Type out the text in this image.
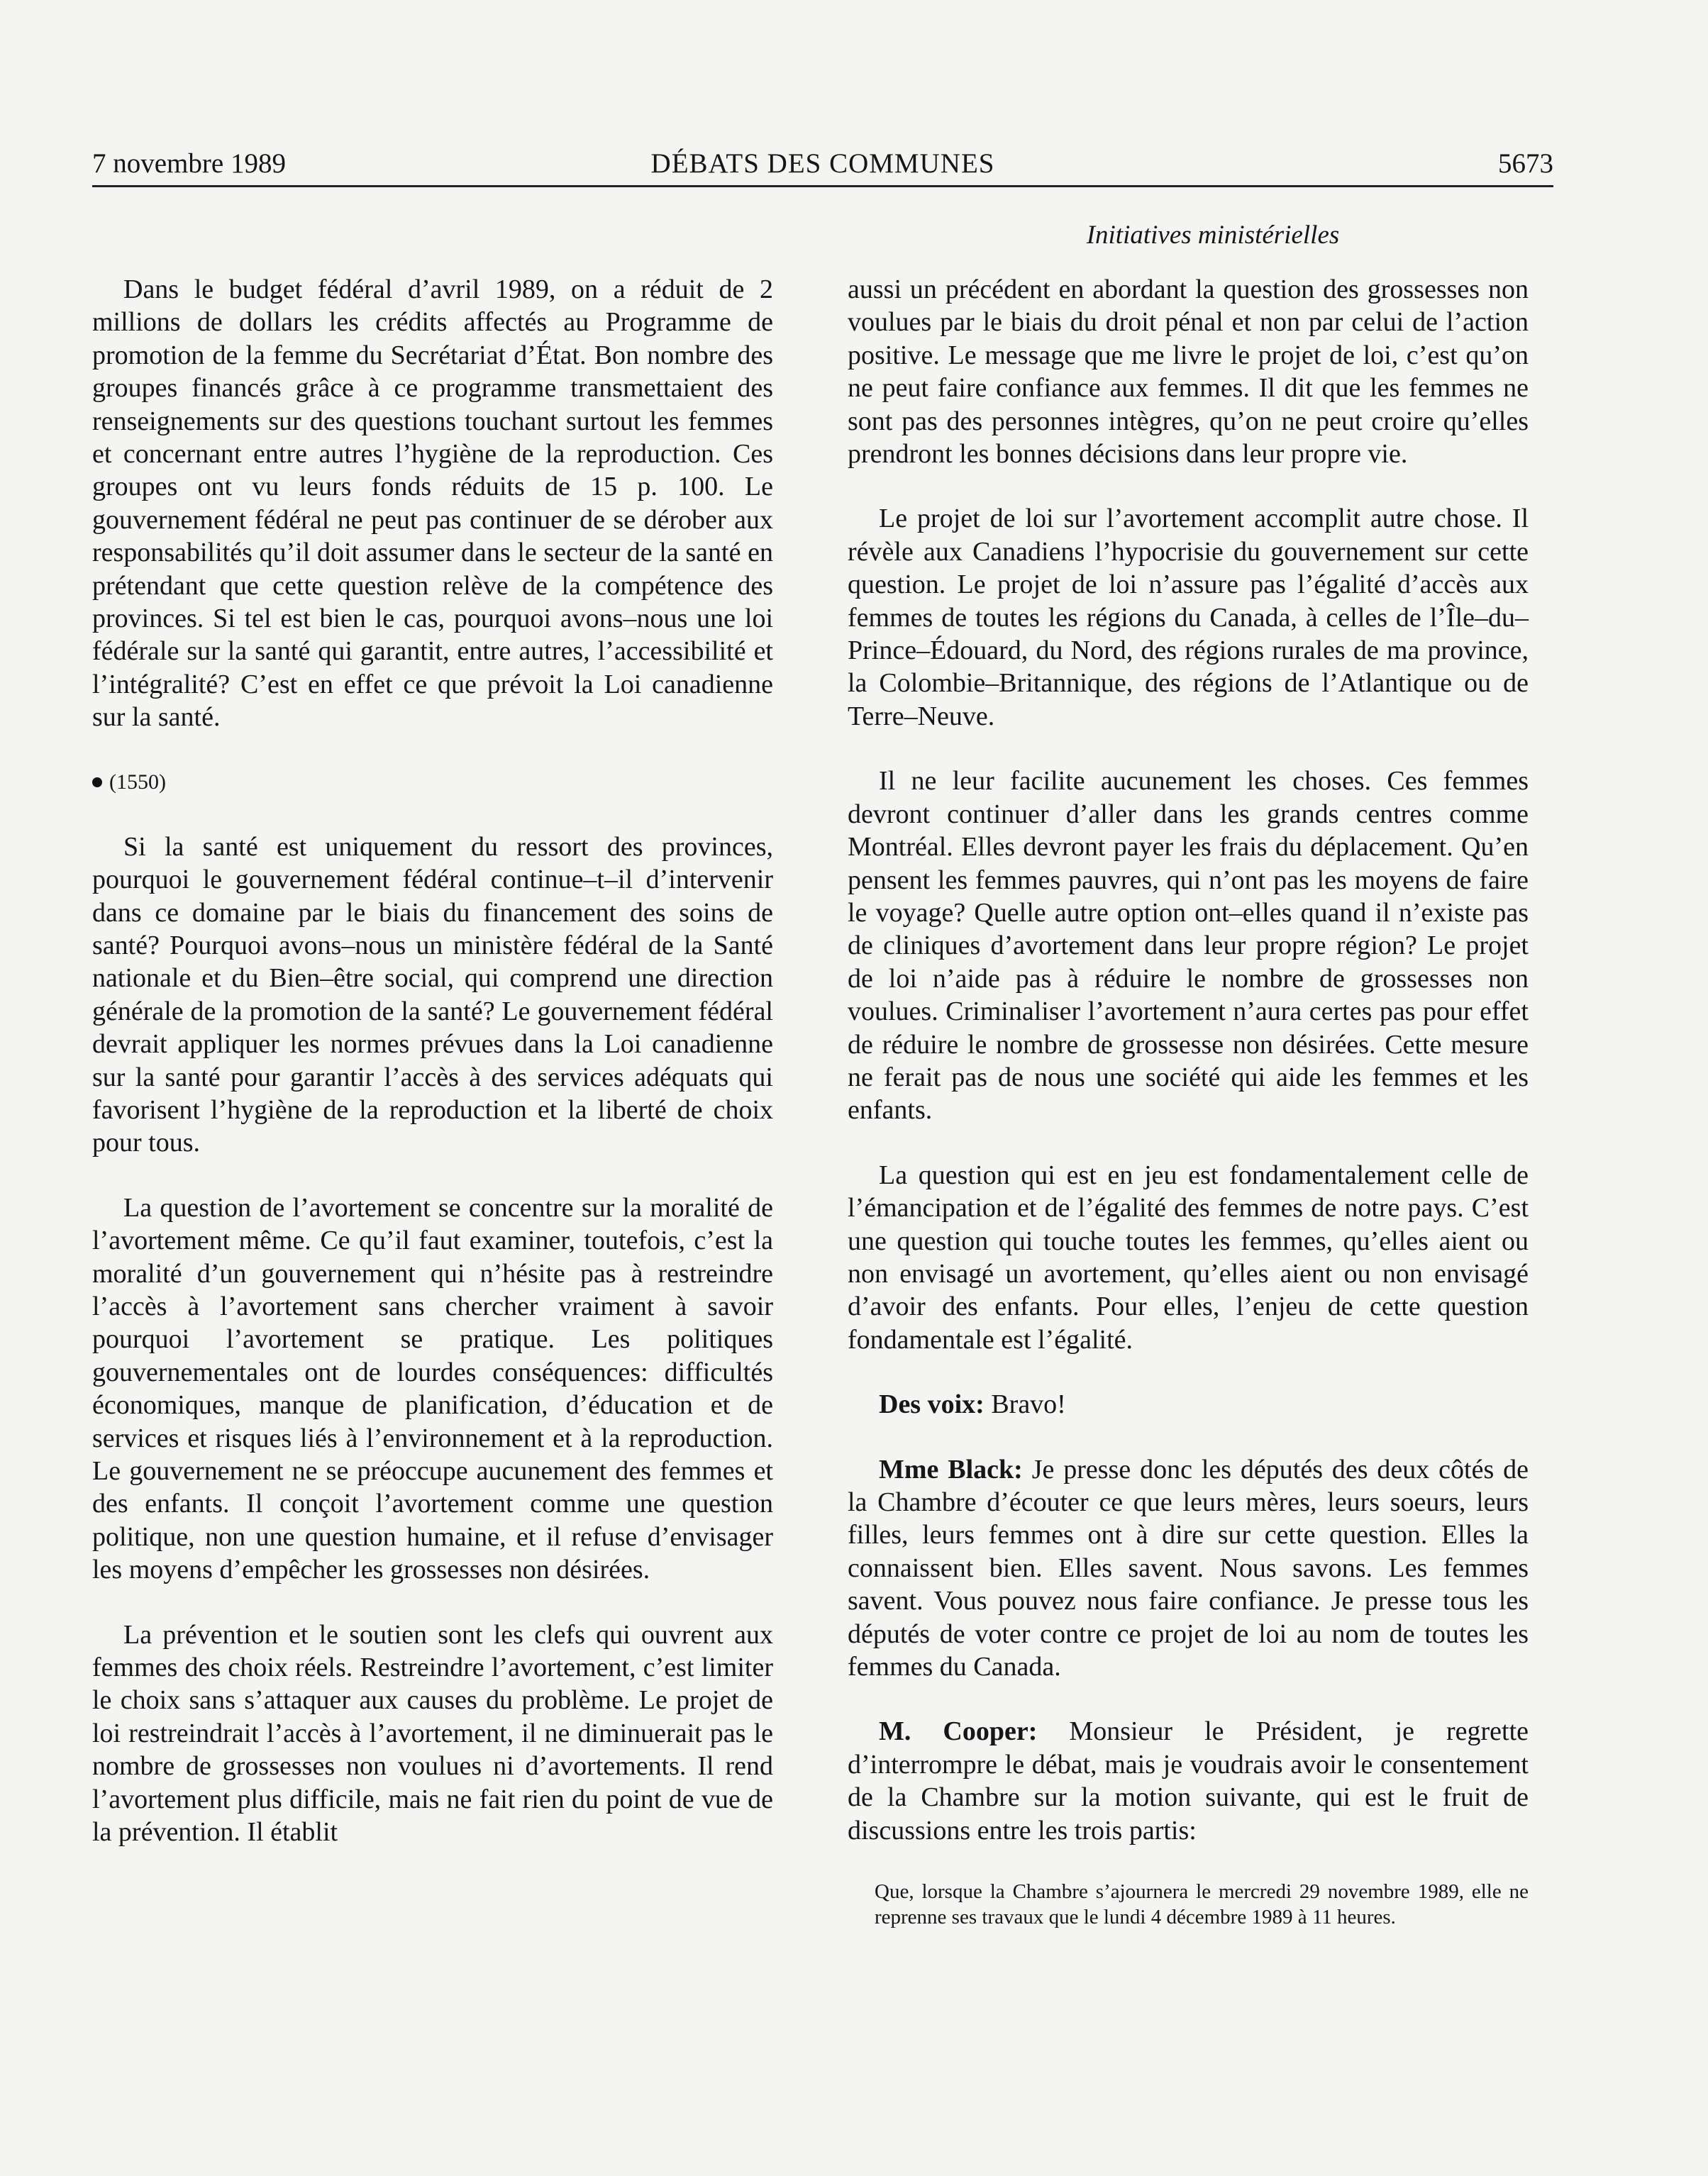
7 novembre 1989	DÉBATS DES COMMUNES	5673
Initiatives ministérielles

Dans le budget fédéral d’avril 1989, on a réduit de 2 millions de dollars les crédits affectés au Programme de promotion de la femme du Secrétariat d’État. Bon nombre des groupes financés grâce à ce programme transmettaient des renseignements sur des questions touchant surtout les femmes et concernant entre autres l’hygiène de la reproduction. Ces groupes ont vu leurs fonds réduits de 15 p. 100. Le gouvernement fédéral ne peut pas continuer de se dérober aux responsabilités qu’il doit assumer dans le secteur de la santé en prétendant que cette question relève de la compétence des provinces. Si tel est bien le cas, pourquoi avons–nous une loi fédérale sur la santé qui garantit, entre autres, l’accessibilité et l’intégralité? C’est en effet ce que prévoit la Loi canadienne sur la santé.

(1550)

Si la santé est uniquement du ressort des provinces, pourquoi le gouvernement fédéral continue–t–il d’intervenir dans ce domaine par le biais du financement des soins de santé? Pourquoi avons–nous un ministère fédéral de la Santé nationale et du Bien–être social, qui comprend une direction générale de la promotion de la santé? Le gouvernement fédéral devrait appliquer les normes prévues dans la Loi canadienne sur la santé pour garantir l’accès à des services adéquats qui favorisent l’hygiène de la reproduction et la liberté de choix pour tous.

La question de l’avortement se concentre sur la moralité de l’avortement même. Ce qu’il faut examiner, toutefois, c’est la moralité d’un gouvernement qui n’hésite pas à restreindre l’accès à l’avortement sans chercher vraiment à savoir pourquoi l’avortement se pratique. Les politiques gouvernementales ont de lourdes conséquences: difficultés économiques, manque de planification, d’éducation et de services et risques liés à l’environnement et à la reproduction. Le gouvernement ne se préoccupe aucunement des femmes et des enfants. Il conçoit l’avortement comme une question politique, non une question humaine, et il refuse d’envisager les moyens d’empêcher les grossesses non désirées.

La prévention et le soutien sont les clefs qui ouvrent aux femmes des choix réels. Restreindre l’avortement, c’est limiter le choix sans s’attaquer aux causes du problème. Le projet de loi restreindrait l’accès à l’avortement, il ne diminuerait pas le nombre de grossesses non voulues ni d’avortements. Il rend l’avortement plus difficile, mais ne fait rien du point de vue de la prévention. Il établit

aussi un précédent en abordant la question des grossesses non voulues par le biais du droit pénal et non par celui de l’action positive. Le message que me livre le projet de loi, c’est qu’on ne peut faire confiance aux femmes. Il dit que les femmes ne sont pas des personnes intègres, qu’on ne peut croire qu’elles prendront les bonnes décisions dans leur propre vie.

Le projet de loi sur l’avortement accomplit autre chose. Il révèle aux Canadiens l’hypocrisie du gouvernement sur cette question. Le projet de loi n’assure pas l’égalité d’accès aux femmes de toutes les régions du Canada, à celles de l’Île–du–Prince–Édouard, du Nord, des régions rurales de ma province, la Colombie–Britannique, des régions de l’Atlantique ou de Terre–Neuve.

Il ne leur facilite aucunement les choses. Ces femmes devront continuer d’aller dans les grands centres comme Montréal. Elles devront payer les frais du déplacement. Qu’en pensent les femmes pauvres, qui n’ont pas les moyens de faire le voyage? Quelle autre option ont–elles quand il n’existe pas de cliniques d’avortement dans leur propre région? Le projet de loi n’aide pas à réduire le nombre de grossesses non voulues. Criminaliser l’avortement n’aura certes pas pour effet de réduire le nombre de grossesse non désirées. Cette mesure ne ferait pas de nous une société qui aide les femmes et les enfants.

La question qui est en jeu est fondamentalement celle de l’émancipation et de l’égalité des femmes de notre pays. C’est une question qui touche toutes les femmes, qu’elles aient ou non envisagé un avortement, qu’elles aient ou non envisagé d’avoir des enfants. Pour elles, l’enjeu de cette question fondamentale est l’égalité.

Des voix: Bravo!

Mme Black: Je presse donc les députés des deux côtés de la Chambre d’écouter ce que leurs mères, leurs soeurs, leurs filles, leurs femmes ont à dire sur cette question. Elles la connaissent bien. Elles savent. Nous savons. Les femmes savent. Vous pouvez nous faire confiance. Je presse tous les députés de voter contre ce projet de loi au nom de toutes les femmes du Canada.

M. Cooper: Monsieur le Président, je regrette d’interrompre le débat, mais je voudrais avoir le consentement de la Chambre sur la motion suivante, qui est le fruit de discussions entre les trois partis:

Que, lorsque la Chambre s’ajournera le mercredi 29 novembre 1989, elle ne reprenne ses travaux que le lundi 4 décembre 1989 à 11 heures.
